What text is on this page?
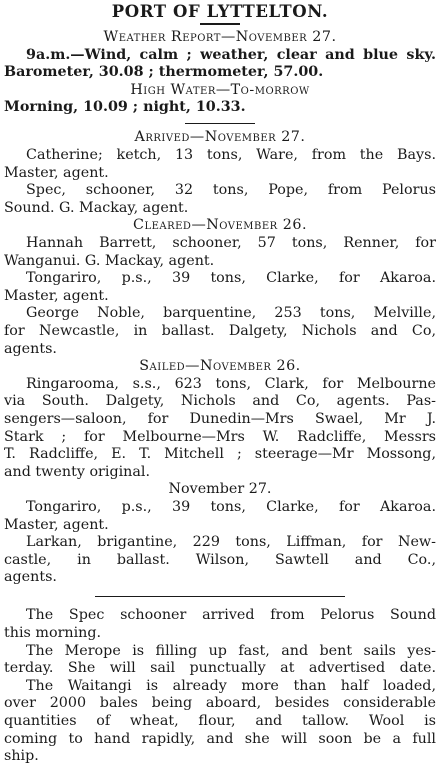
PORT OF LYTTELTON.
Weather Report—November 27.
9a.m.—Wind, calm ; weather, clear and blue sky.
Barometer, 30.08 ; thermometer, 57.00.
High Water—To-morrow
Morning, 10.09 ; night, 10.33.
Arrived—November 27.
Catherine; ketch, 13 tons, Ware, from the Bays.
Master, agent.
Spec, schooner, 32 tons, Pope, from Pelorus
Sound. G. Mackay, agent.
Cleared—November 26.
Hannah Barrett, schooner, 57 tons, Renner, for
Wanganui. G. Mackay, agent.
Tongariro, p.s., 39 tons, Clarke, for Akaroa.
Master, agent.
George Noble, barquentine, 253 tons, Melville,
for Newcastle, in ballast. Dalgety, Nichols and Co,
agents.
Sailed—November 26.
Ringarooma, s.s., 623 tons, Clark, for Melbourne
via South. Dalgety, Nichols and Co, agents. Pas-
sengers—saloon, for Dunedin—Mrs Swael, Mr J.
Stark ; for Melbourne—Mrs W. Radcliffe, Messrs
T. Radcliffe, E. T. Mitchell ; steerage—Mr Mossong,
and twenty original.
November 27.
Tongariro, p.s., 39 tons, Clarke, for Akaroa.
Master, agent.
Larkan, brigantine, 229 tons, Liffman, for New-
castle, in ballast. Wilson, Sawtell and Co.,
agents.
The Spec schooner arrived from Pelorus Sound
this morning.
The Merope is filling up fast, and bent sails yes-
terday. She will sail punctually at advertised date.
The Waitangi is already more than half loaded,
over 2000 bales being aboard, besides considerable
quantities of wheat, flour, and tallow. Wool is
coming to hand rapidly, and she will soon be a full
ship.
